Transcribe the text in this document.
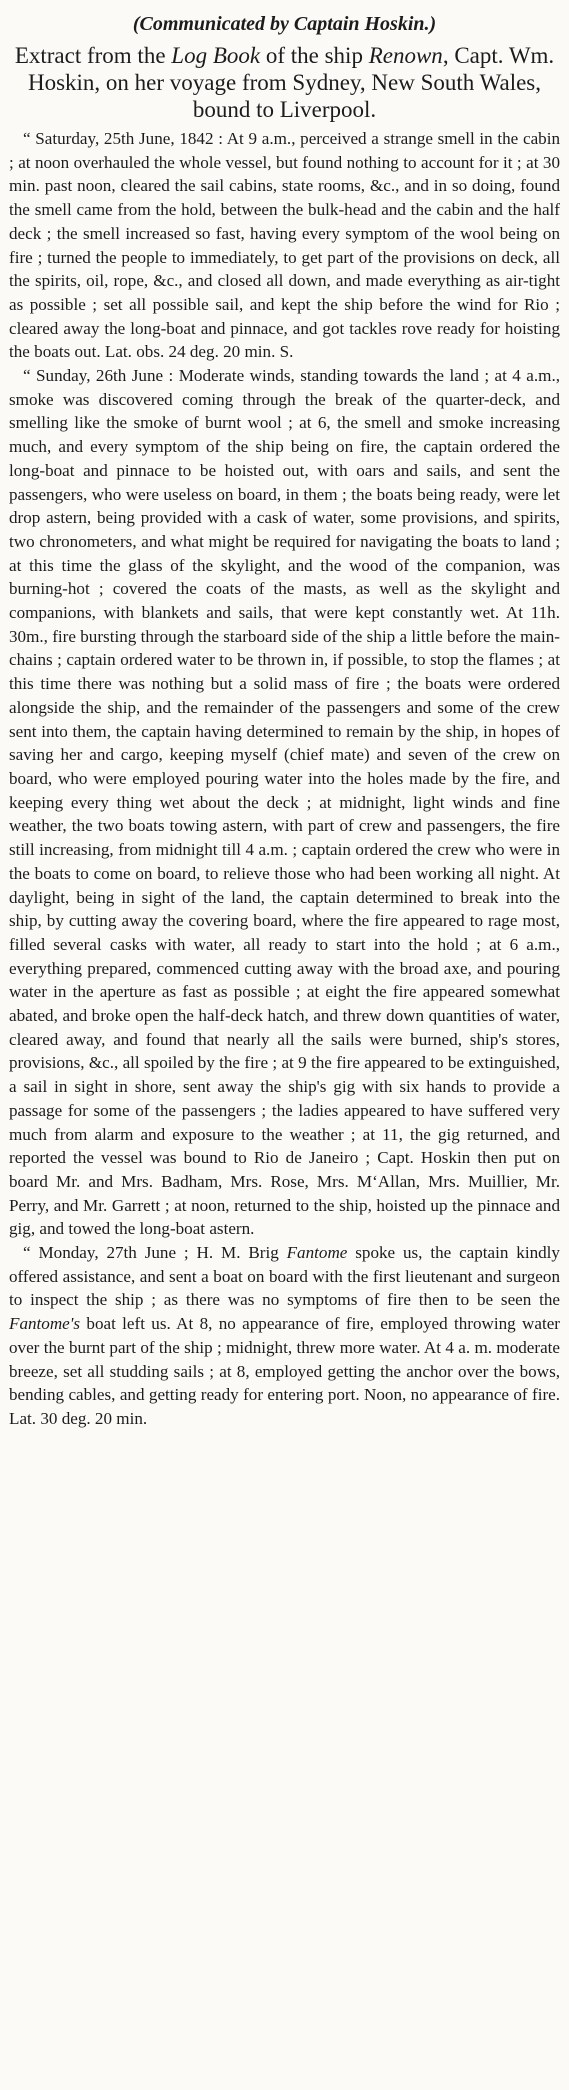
(Communicated by Captain Hoskin.)
Extract from the Log Book of the ship Renown, Capt. Wm. Hoskin, on her voyage from Sydney, New South Wales, bound to Liverpool.

“ Saturday, 25th June, 1842 : At 9 a.m., perceived a strange smell in the cabin ; at noon overhauled the whole vessel, but found nothing to account for it ; at 30 min. past noon, cleared the sail cabins, state rooms, &c., and in so doing, found the smell came from the hold, between the bulk-head and the cabin and the half deck ; the smell increased so fast, having every symptom of the wool being on fire ; turned the people to immediately, to get part of the provisions on deck, all the spirits, oil, rope, &c., and closed all down, and made everything as air-tight as possible ; set all possible sail, and kept the ship before the wind for Rio ; cleared away the long-boat and pinnace, and got tackles rove ready for hoisting the boats out. Lat. obs. 24 deg. 20 min. S.

“ Sunday, 26th June : Moderate winds, standing towards the land ; at 4 a.m., smoke was discovered coming through the break of the quarter-deck, and smelling like the smoke of burnt wool ; at 6, the smell and smoke increasing much, and every symptom of the ship being on fire, the captain ordered the long-boat and pinnace to be hoisted out, with oars and sails, and sent the passengers, who were useless on board, in them ; the boats being ready, were let drop astern, being provided with a cask of water, some provisions, and spirits, two chronometers, and what might be required for navigating the boats to land ; at this time the glass of the skylight, and the wood of the companion, was burning-hot ; covered the coats of the masts, as well as the skylight and companions, with blankets and sails, that were kept constantly wet. At 11h. 30m., fire bursting through the starboard side of the ship a little before the main-chains ; captain ordered water to be thrown in, if possible, to stop the flames ; at this time there was nothing but a solid mass of fire ; the boats were ordered alongside the ship, and the remainder of the passengers and some of the crew sent into them, the captain having determined to remain by the ship, in hopes of saving her and cargo, keeping myself (chief mate) and seven of the crew on board, who were employed pouring water into the holes made by the fire, and keeping every thing wet about the deck ; at midnight, light winds and fine weather, the two boats towing astern, with part of crew and passengers, the fire still increasing, from midnight till 4 a.m. ; captain ordered the crew who were in the boats to come on board, to relieve those who had been working all night. At daylight, being in sight of the land, the captain determined to break into the ship, by cutting away the covering board, where the fire appeared to rage most, filled several casks with water, all ready to start into the hold ; at 6 a.m., everything prepared, commenced cutting away with the broad axe, and pouring water in the aperture as fast as possible ; at eight the fire appeared somewhat abated, and broke open the half-deck hatch, and threw down quantities of water, cleared away, and found that nearly all the sails were burned, ship's stores, provisions, &c., all spoiled by the fire ; at 9 the fire appeared to be extinguished, a sail in sight in shore, sent away the ship's gig with six hands to provide a passage for some of the passengers ; the ladies appeared to have suffered very much from alarm and exposure to the weather ; at 11, the gig returned, and reported the vessel was bound to Rio de Janeiro ; Capt. Hoskin then put on board Mr. and Mrs. Badham, Mrs. Rose, Mrs. M‘Allan, Mrs. Muillier, Mr. Perry, and Mr. Garrett ; at noon, returned to the ship, hoisted up the pinnace and gig, and towed the long-boat astern.

“ Monday, 27th June ; H. M. Brig Fantome spoke us, the captain kindly offered assistance, and sent a boat on board with the first lieutenant and surgeon to inspect the ship ; as there was no symptoms of fire then to be seen the Fantome's boat left us. At 8, no appearance of fire, employed throwing water over the burnt part of the ship ; midnight, threw more water. At 4 a. m. moderate breeze, set all studding sails ; at 8, employed getting the anchor over the bows, bending cables, and getting ready for entering port. Noon, no appearance of fire. Lat. 30 deg. 20 min.
